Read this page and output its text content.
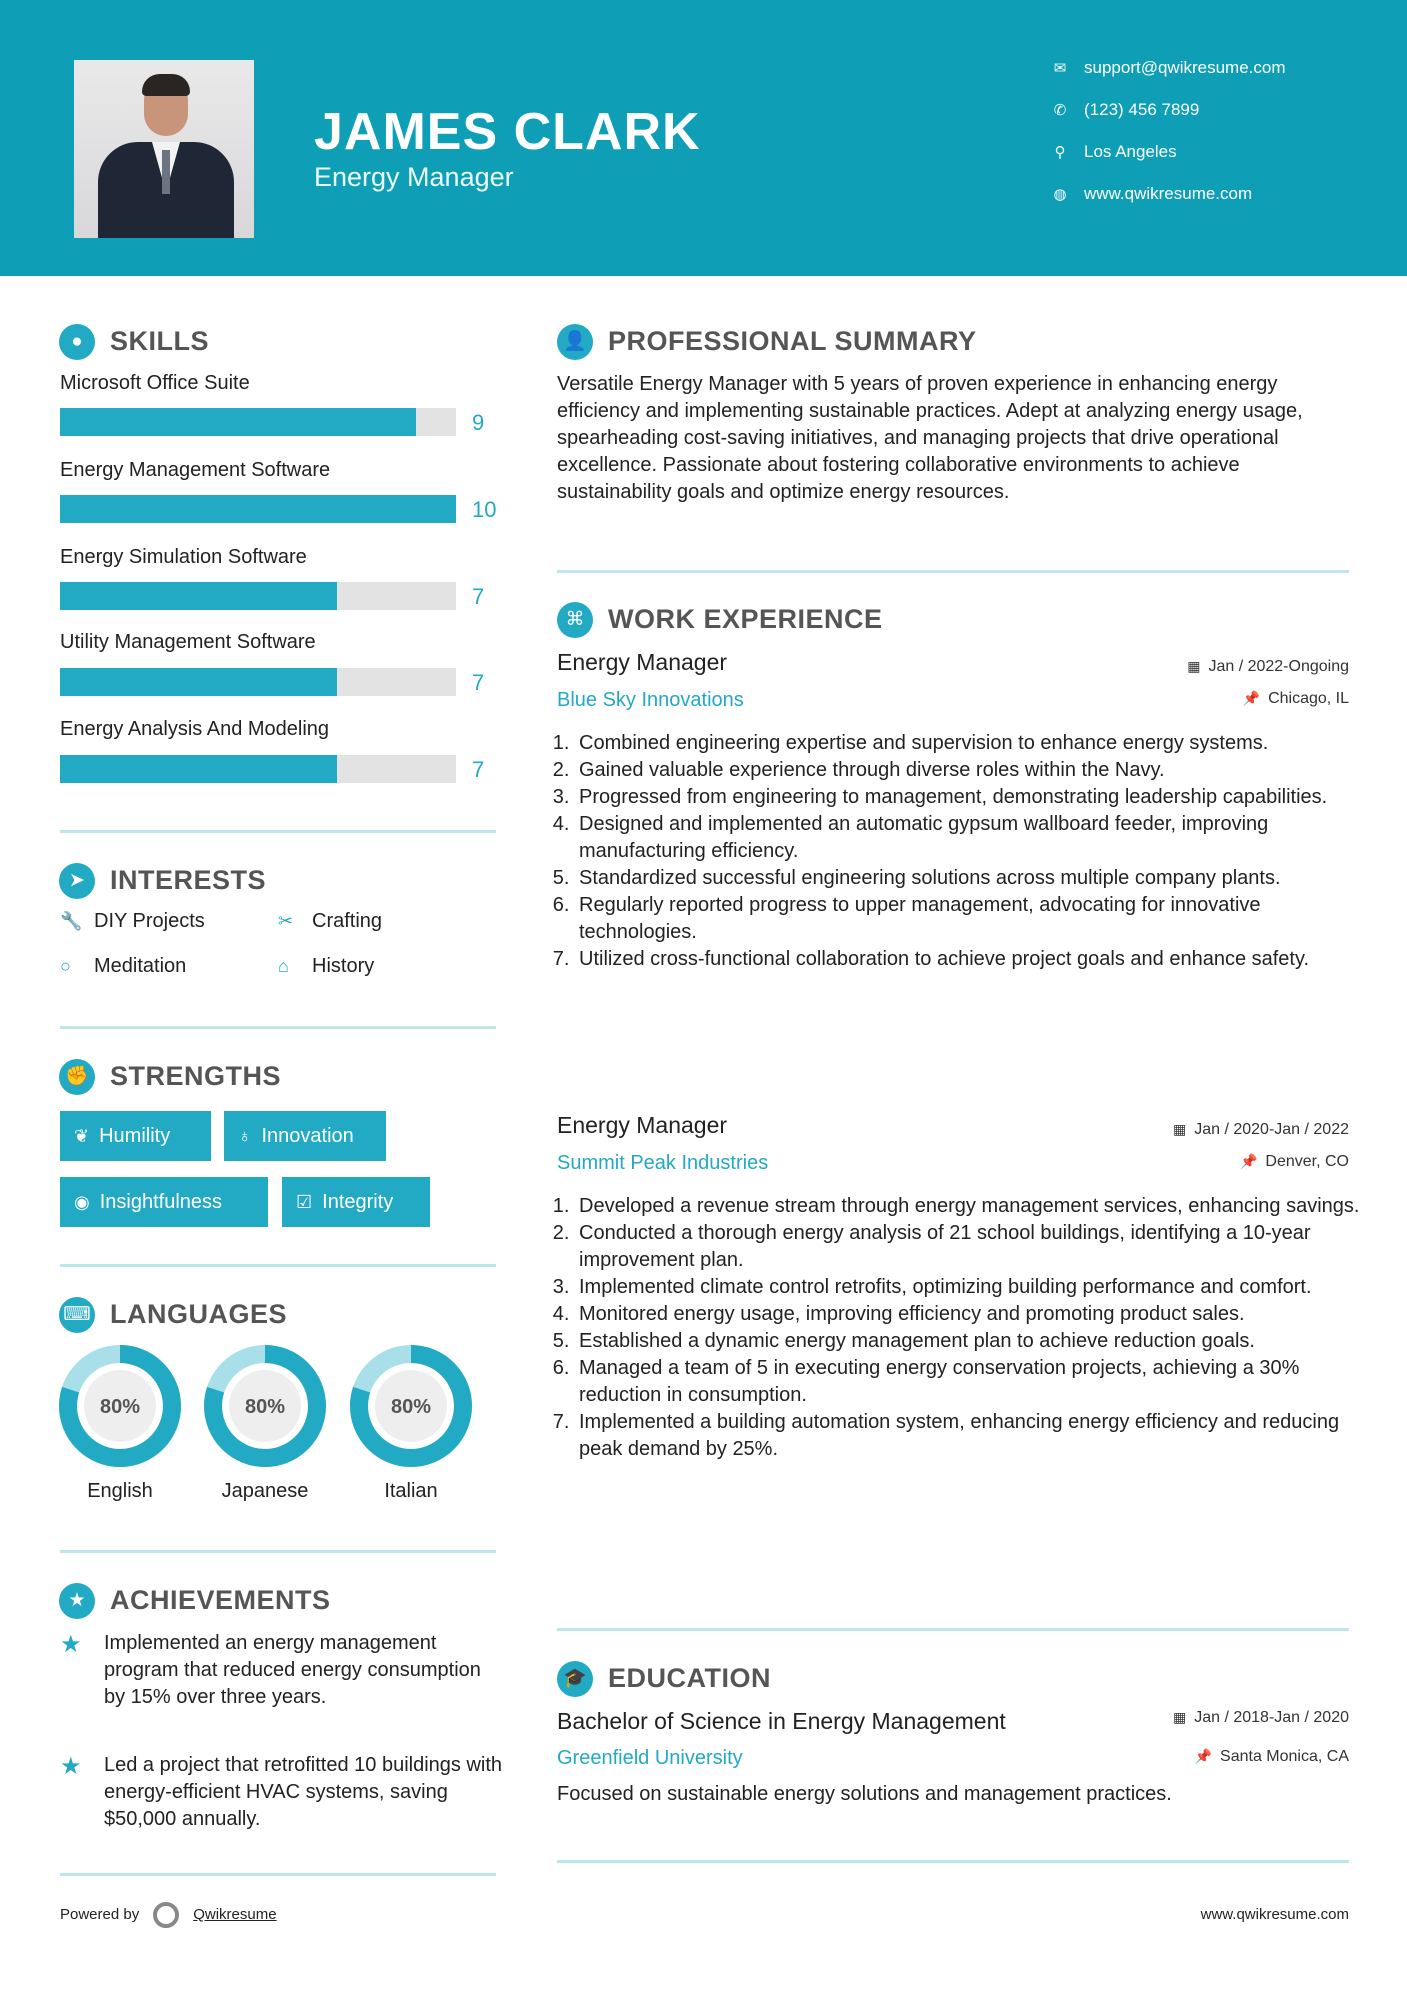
JAMES CLARK
Energy Manager
✉ support@qwikresume.com
✆ (123) 456 7899
⚲ Los Angeles
◍ www.qwikresume.com
●	SKILLS
Microsoft Office Suite
9
Energy Management Software
10
Energy Simulation Software
7
Utility Management Software
7
Energy Analysis And Modeling
7
➤ INTERESTS
🔧 DIY Projects	✂ Crafting
○ Meditation	⌂ History
✊ STRENGTHS
❦ Humility	♁ Innovation
◉ Insightfulness	☑ Integrity
⌨ LANGUAGES
80%
English
80%
Japanese
80%
Italian
★ ACHIEVEMENTS
★ Implemented an energy management program that reduced energy consumption by 15% over three years.
★ Led a project that retrofitted 10 buildings with energy-efficient HVAC systems, saving $50,000 annually.
👤 PROFESSIONAL SUMMARY
Versatile Energy Manager with 5 years of proven experience in enhancing energy efficiency and implementing sustainable practices. Adept at analyzing energy usage, spearheading cost-saving initiatives, and managing projects that drive operational excellence. Passionate about fostering collaborative environments to achieve sustainability goals and optimize energy resources.
⌘ WORK EXPERIENCE
Energy Manager
Blue Sky Innovations
▦ Jan / 2022-Ongoing
📌 Chicago, IL
1. Combined engineering expertise and supervision to enhance energy systems.
2. Gained valuable experience through diverse roles within the Navy.
3. Progressed from engineering to management, demonstrating leadership capabilities.
4. Designed and implemented an automatic gypsum wallboard feeder, improving manufacturing efficiency.
5. Standardized successful engineering solutions across multiple company plants.
6. Regularly reported progress to upper management, advocating for innovative technologies.
7. Utilized cross-functional collaboration to achieve project goals and enhance safety.
Energy Manager
Summit Peak Industries
▦ Jan / 2020-Jan / 2022
📌 Denver, CO
1. Developed a revenue stream through energy management services, enhancing savings.
2. Conducted a thorough energy analysis of 21 school buildings, identifying a 10-year improvement plan.
3. Implemented climate control retrofits, optimizing building performance and comfort.
4. Monitored energy usage, improving efficiency and promoting product sales.
5. Established a dynamic energy management plan to achieve reduction goals.
6. Managed a team of 5 in executing energy conservation projects, achieving a 30% reduction in consumption.
7. Implemented a building automation system, enhancing energy efficiency and reducing peak demand by 25%.
🎓 EDUCATION
Bachelor of Science in Energy Management
Greenfield University
▦ Jan / 2018-Jan / 2020
📌 Santa Monica, CA
Focused on sustainable energy solutions and management practices.
Powered by	Qwikresume	www.qwikresume.com
